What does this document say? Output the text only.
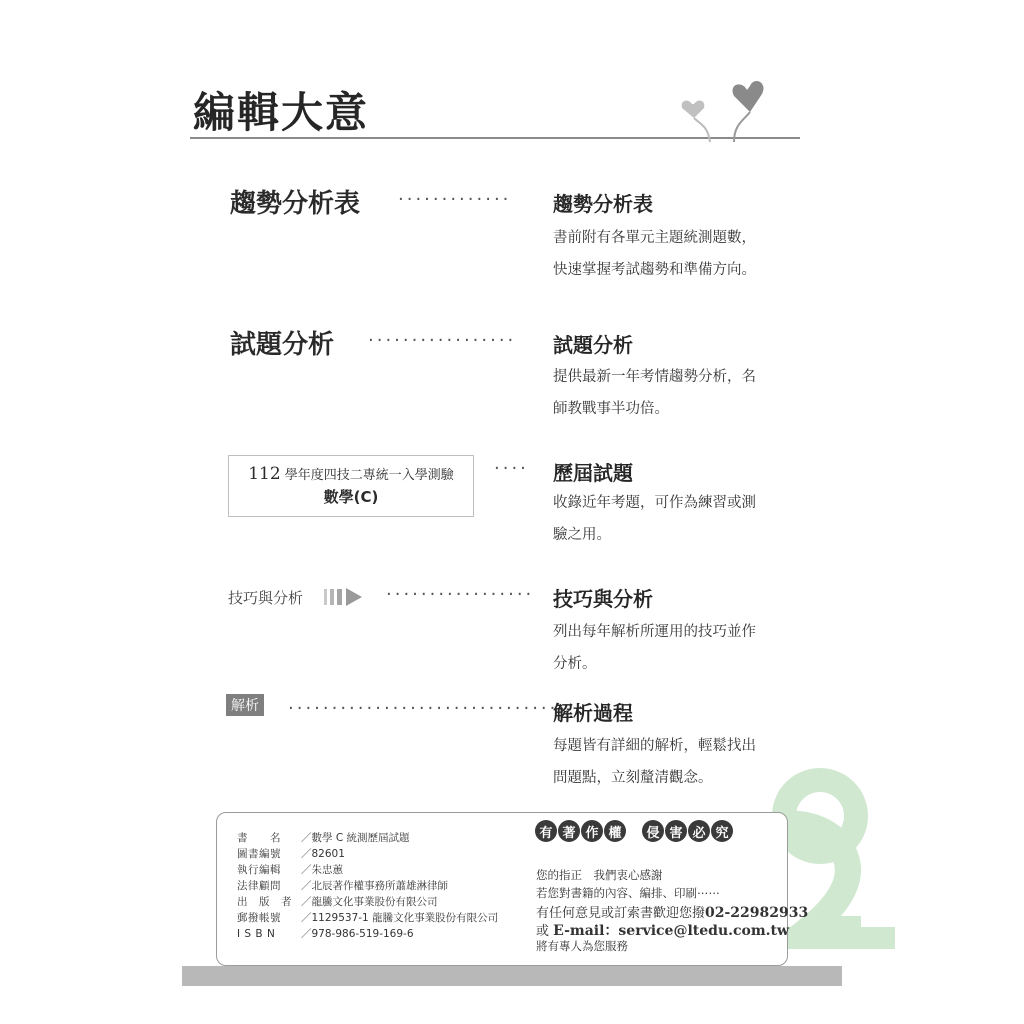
編輯大意
趨勢分析表 ············· 趨勢分析表
書前附有各單元主題統測題數，
快速掌握考試趨勢和準備方向。
試題分析 ················· 試題分析
提供最新一年考情趨勢分析，名
師教戰事半功倍。
112 學年度四技二專統一入學測驗
數學(C)
···· 歷屆試題
收錄近年考題，可作為練習或測
驗之用。
技巧與分析	················· 技巧與分析
列出每年解析所運用的技巧並作
分析。
解析 ································
解析過程
每題皆有詳細的解析，輕鬆找出
問題點，立刻釐清觀念。
書　　名 ／數學 C 統測歷屆試題
圖書編號 ／82601
執行編輯 ／朱忠蕙
法律顧問 ／北辰著作權事務所蕭雄淋律師
出　版　者 ／龍騰文化事業股份有限公司
郵撥帳號 ／1129537-1 龍騰文化事業股份有限公司
I S B N ／978-986-519-169-6
您的指正　我們衷心感謝
若您對書籍的內容、編排、印刷⋯⋯
有任何意見或訂索書歡迎您撥02-22982933
或 E-mail：service@ltedu.com.tw
將有專人為您服務
有 著 作 權	侵 害 必 究
